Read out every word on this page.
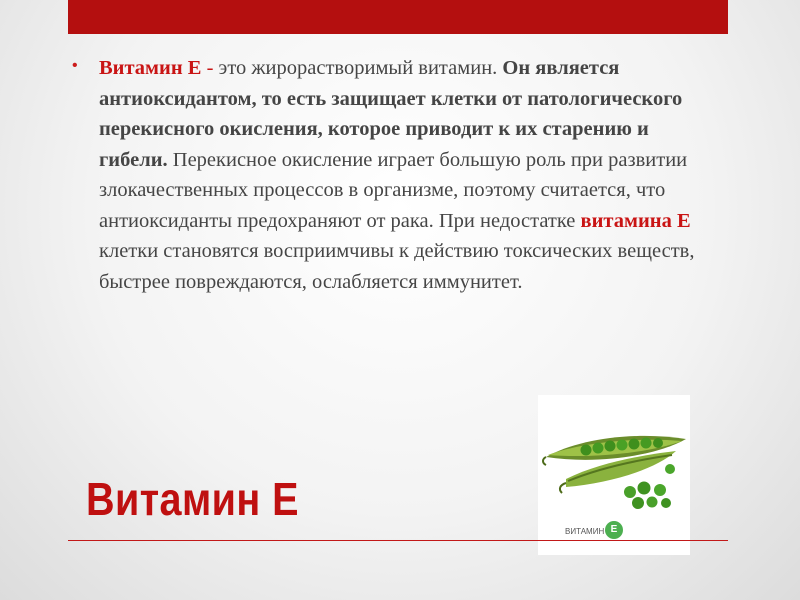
• Витамин Е - это жирорастворимый витамин. Он является антиоксидантом, то есть защищает клетки от патологического перекисного окисления, которое приводит к их старению и гибели. Перекисное окисление играет большую роль при развитии злокачественных процессов в организме, поэтому считается, что антиоксиданты предохраняют от рака. При недостатке витамина Е клетки становятся восприимчивы к действию токсических веществ, быстрее повреждаются, ослабляется иммунитет.

ВИТАМИН E
Витамин Е
